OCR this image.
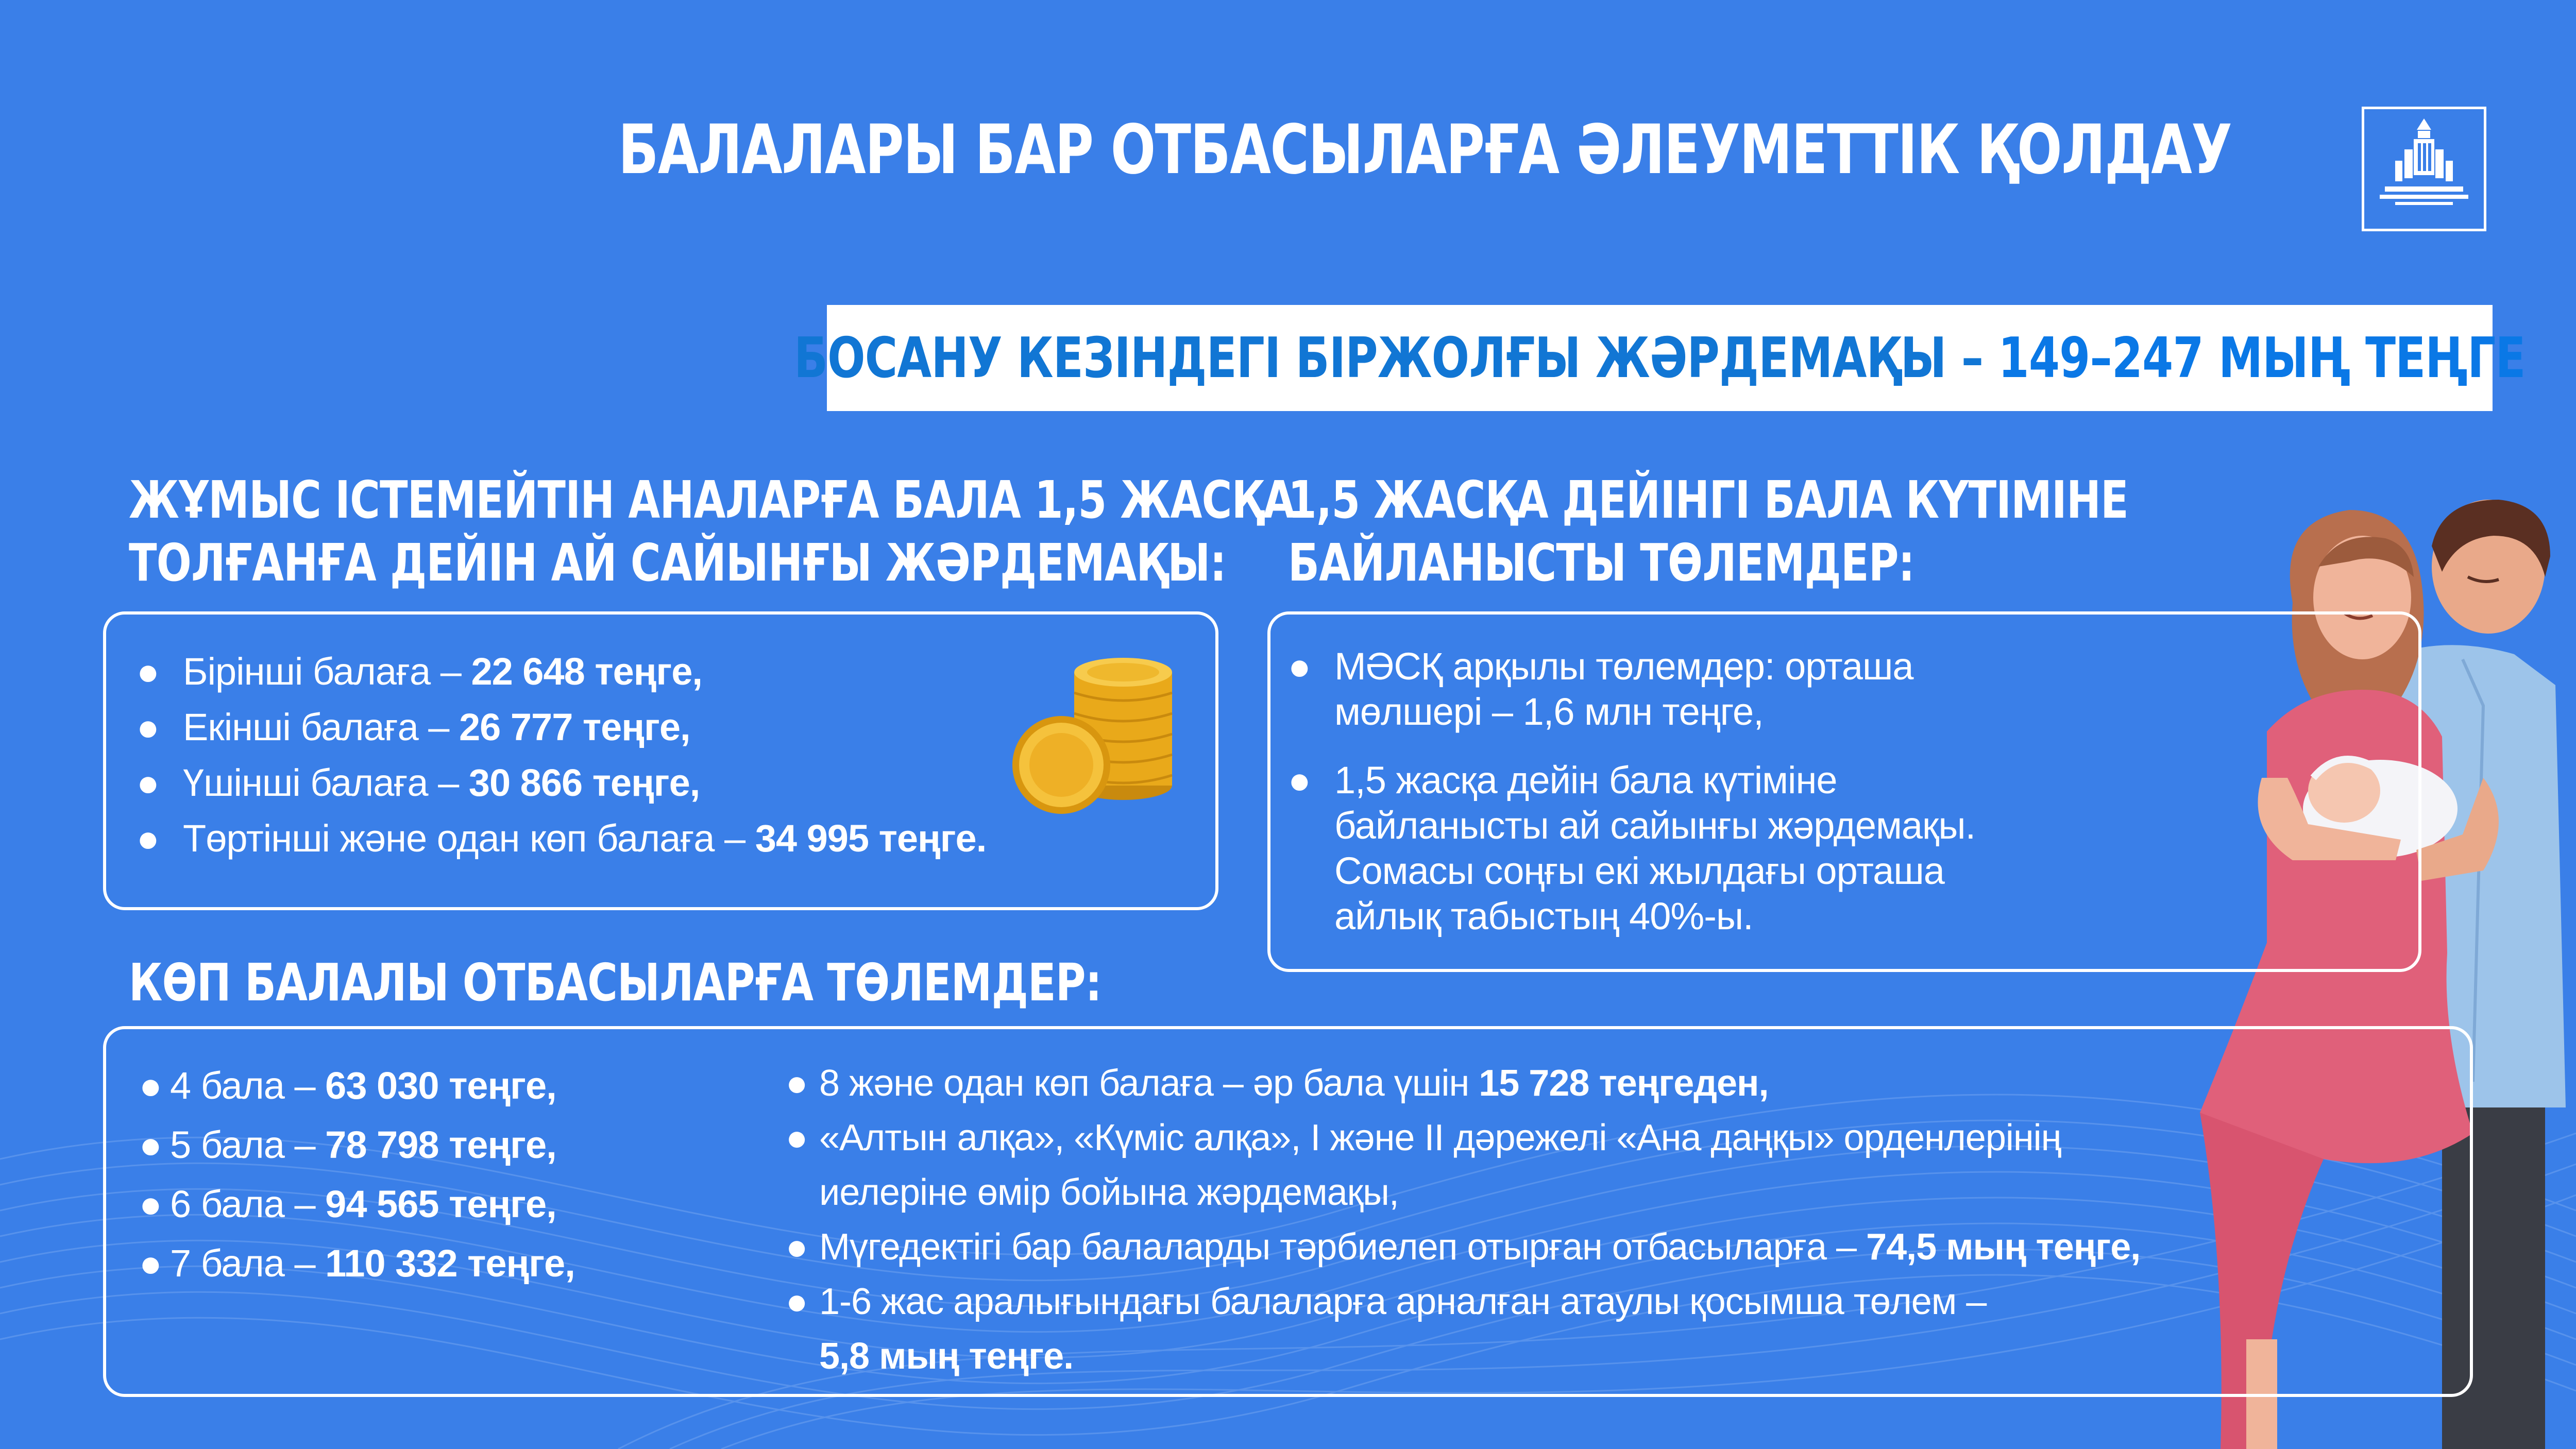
БАЛАЛАРЫ БАР ОТБАСЫЛАРҒА ӘЛЕУМЕТТІК ҚОЛДАУ
БОСАНУ КЕЗІНДЕГІ БІРЖОЛҒЫ ЖӘРДЕМАҚЫ – 149–247 МЫҢ ТЕҢГЕ
ЖҰМЫС ІСТЕМЕЙТІН АНАЛАРҒА БАЛА 1,5 ЖАСҚА
ТОЛҒАНҒА ДЕЙІН АЙ САЙЫНҒЫ ЖӘРДЕМАҚЫ:
● Бірінші балаға – 22 648 теңге,
● Екінші балаға – 26 777 теңге,
● Үшінші балаға – 30 866 теңге,
● Төртінші және одан көп балаға – 34 995 теңге.
1,5 ЖАСҚА ДЕЙІНГІ БАЛА КҮТІМІНЕ
БАЙЛАНЫСТЫ ТӨЛЕМДЕР:
● МӘСҚ арқылы төлемдер: орташа
мөлшері – 1,6 млн теңге,
● 1,5 жасқа дейін бала күтіміне
байланысты ай сайынғы жәрдемақы.
Сомасы соңғы екі жылдағы орташа
айлық табыстың 40%-ы.
КӨП БАЛАЛЫ ОТБАСЫЛАРҒА ТӨЛЕМДЕР:
● 4 бала – 63 030 теңге,
● 5 бала – 78 798 теңге,
● 6 бала – 94 565 теңге,
● 7 бала – 110 332 теңге,
● 8 және одан көп балаға – әр бала үшін 15 728 теңгеден,
● «Алтын алқа», «Күміс алқа», І және ІІ дәрежелі «Ана даңқы» орденлерінің
иелеріне өмір бойына жәрдемақы,
● Мүгедектігі бар балаларды тәрбиелеп отырған отбасыларға – 74,5 мың теңге,
● 1-6 жас аралығындағы балаларға арналған атаулы қосымша төлем –
5,8 мың теңге.
